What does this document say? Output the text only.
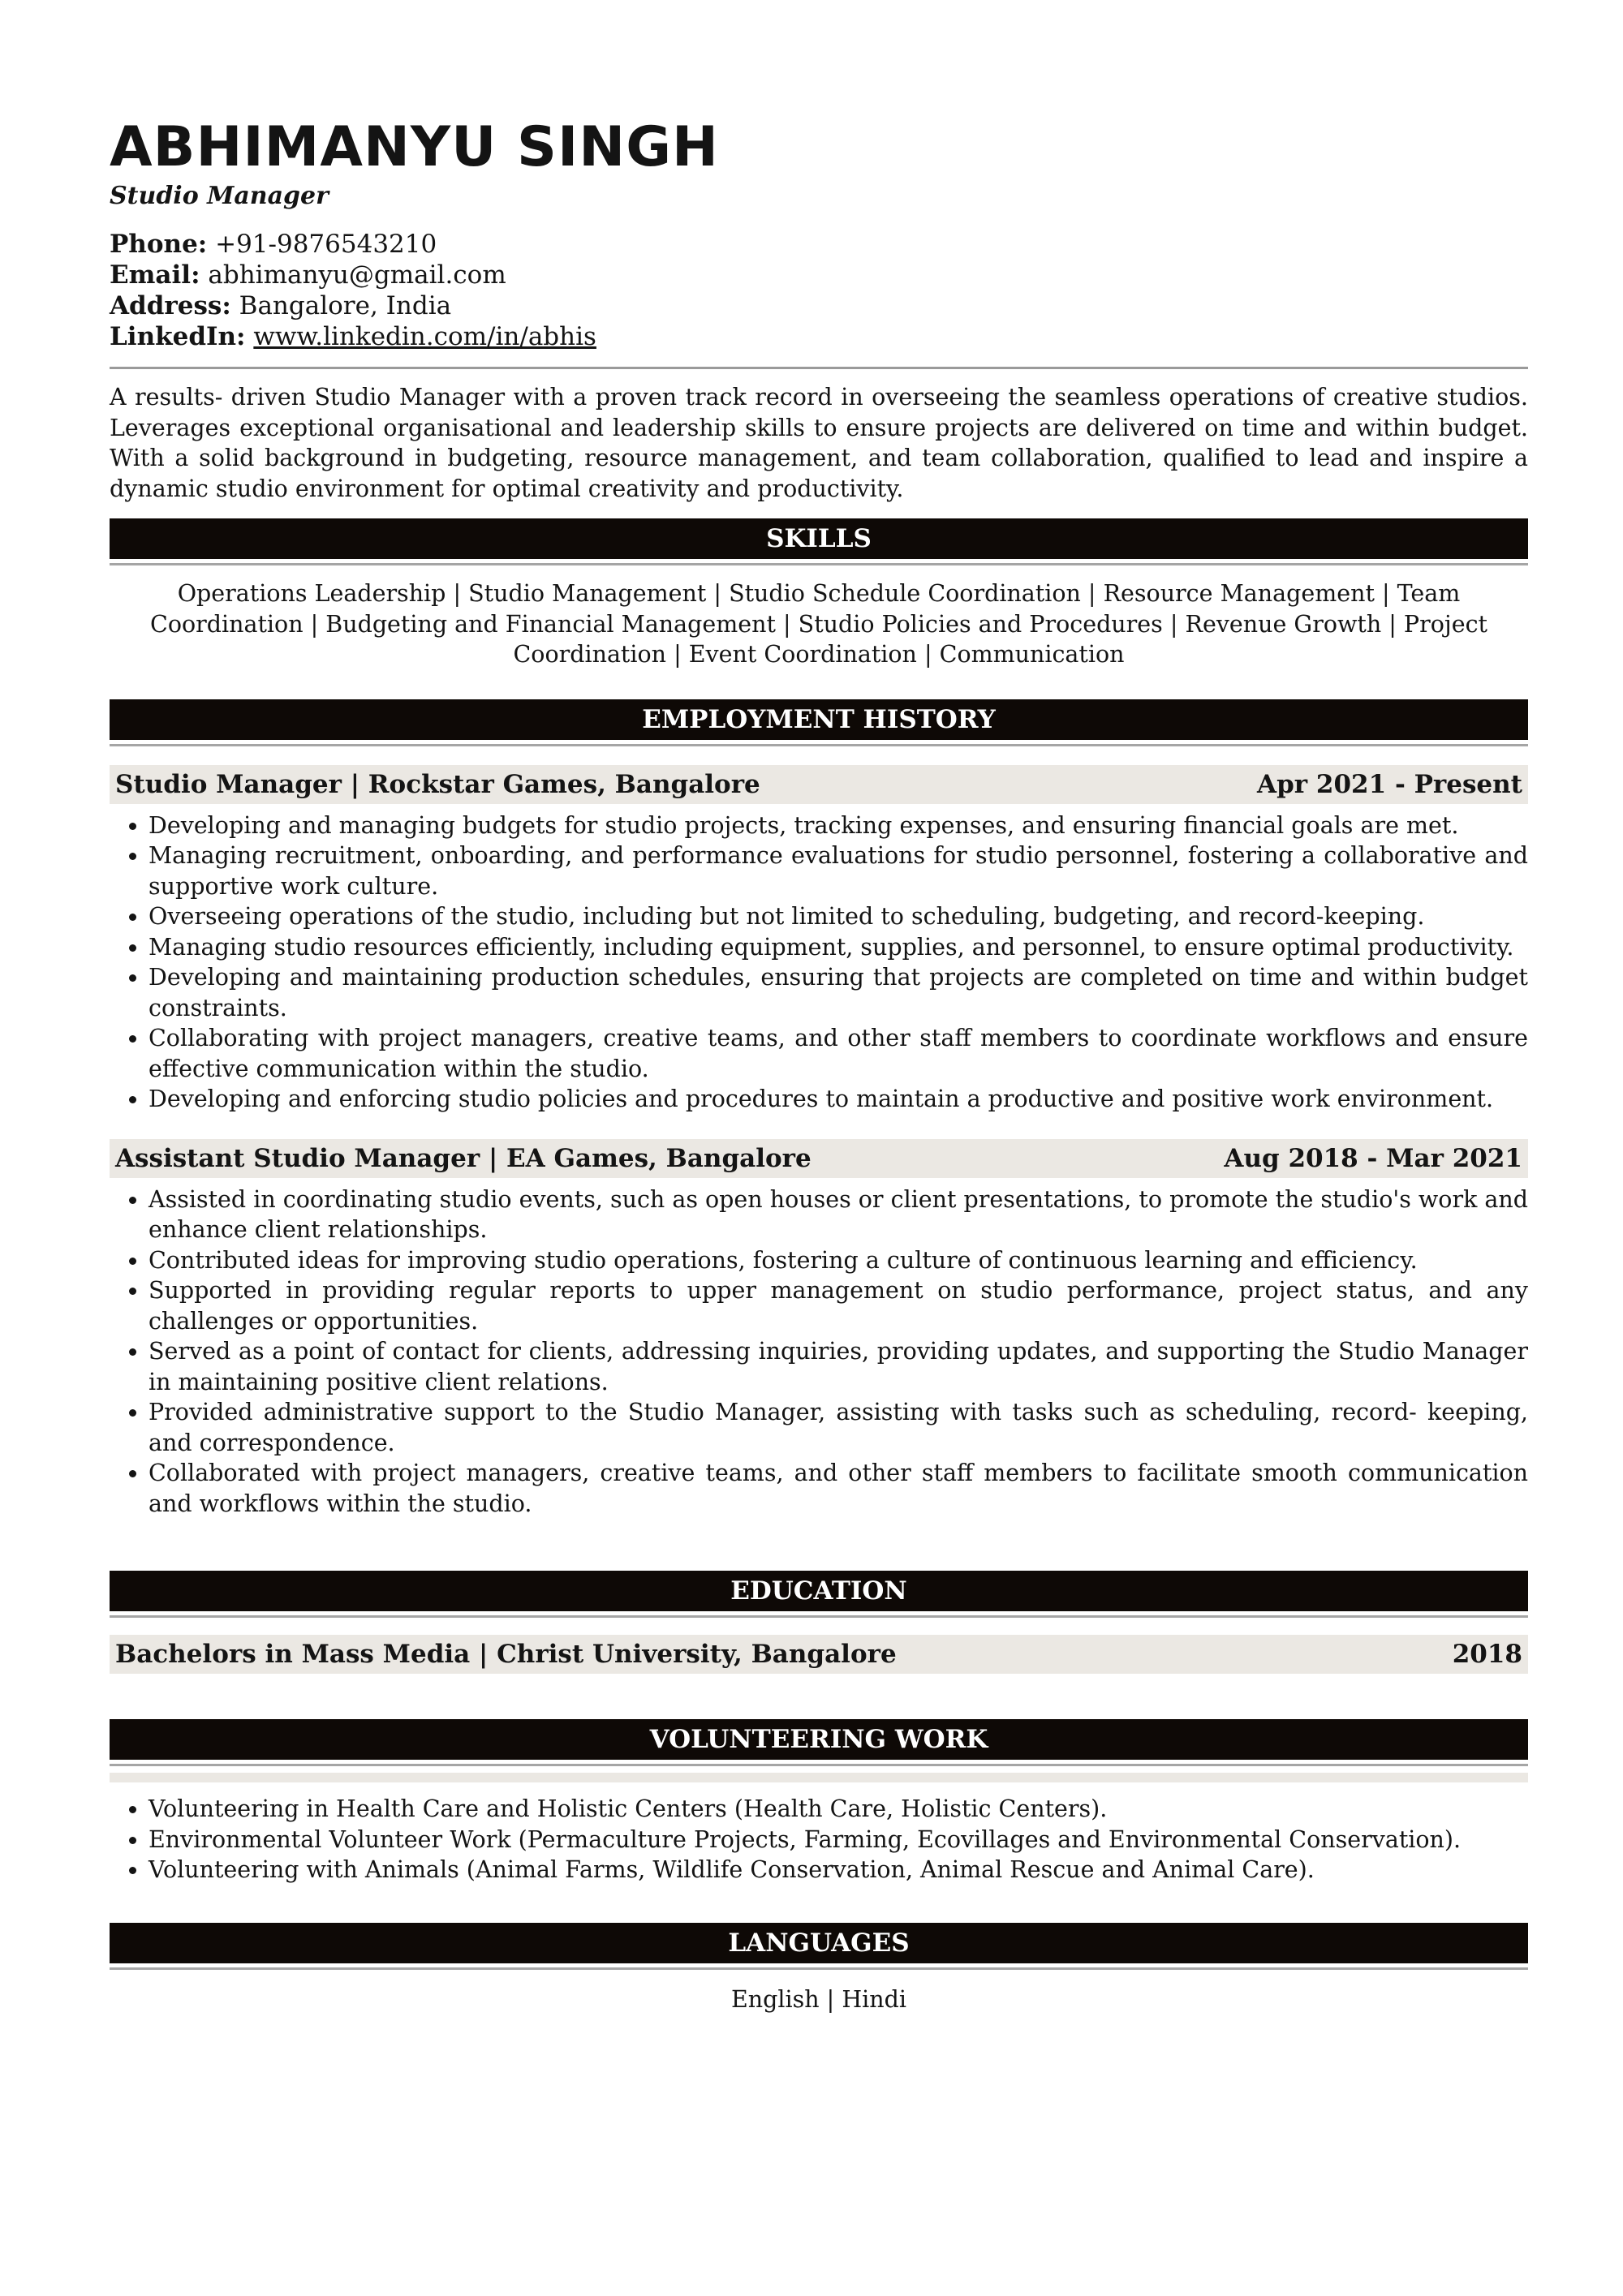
ABHIMANYU SINGH

Studio Manager

Phone: +91-9876543210

Email: abhimanyu@gmail.com

Address: Bangalore, India

LinkedIn: www.linkedin.com/in/abhis

A results- driven Studio Manager with a proven track record in overseeing the seamless operations of creative studios. Leverages exceptional organisational and leadership skills to ensure projects are delivered on time and within budget. With a solid background in budgeting, resource management, and team collaboration, qualified to lead and inspire a dynamic studio environment for optimal creativity and productivity.

SKILLS

Operations Leadership | Studio Management | Studio Schedule Coordination | Resource Management | Team Coordination | Budgeting and Financial Management | Studio Policies and Procedures | Revenue Growth | Project Coordination | Event Coordination | Communication

EMPLOYMENT HISTORY
Studio Manager | Rockstar Games, Bangalore	Apr 2021 - Present
• Developing and managing budgets for studio projects, tracking expenses, and ensuring financial goals are met.
• Managing recruitment, onboarding, and performance evaluations for studio personnel, fostering a collaborative and supportive work culture.
• Overseeing operations of the studio, including but not limited to scheduling, budgeting, and record-keeping.
• Managing studio resources efficiently, including equipment, supplies, and personnel, to ensure optimal productivity.
• Developing and maintaining production schedules, ensuring that projects are completed on time and within budget constraints.
• Collaborating with project managers, creative teams, and other staff members to coordinate workflows and ensure effective communication within the studio.
• Developing and enforcing studio policies and procedures to maintain a productive and positive work environment.
Assistant Studio Manager | EA Games, Bangalore	Aug 2018 - Mar 2021
• Assisted in coordinating studio events, such as open houses or client presentations, to promote the studio's work and enhance client relationships.
• Contributed ideas for improving studio operations, fostering a culture of continuous learning and efficiency.
• Supported in providing regular reports to upper management on studio performance, project status, and any challenges or opportunities.
• Served as a point of contact for clients, addressing inquiries, providing updates, and supporting the Studio Manager in maintaining positive client relations.
• Provided administrative support to the Studio Manager, assisting with tasks such as scheduling, record- keeping, and correspondence.
• Collaborated with project managers, creative teams, and other staff members to facilitate smooth communication and workflows within the studio.
EDUCATION
Bachelors in Mass Media | Christ University, Bangalore	2018
VOLUNTEERING WORK
• Volunteering in Health Care and Holistic Centers (Health Care, Holistic Centers).
• Environmental Volunteer Work (Permaculture Projects, Farming, Ecovillages and Environmental Conservation).
• Volunteering with Animals (Animal Farms, Wildlife Conservation, Animal Rescue and Animal Care).
LANGUAGES

English | Hindi
